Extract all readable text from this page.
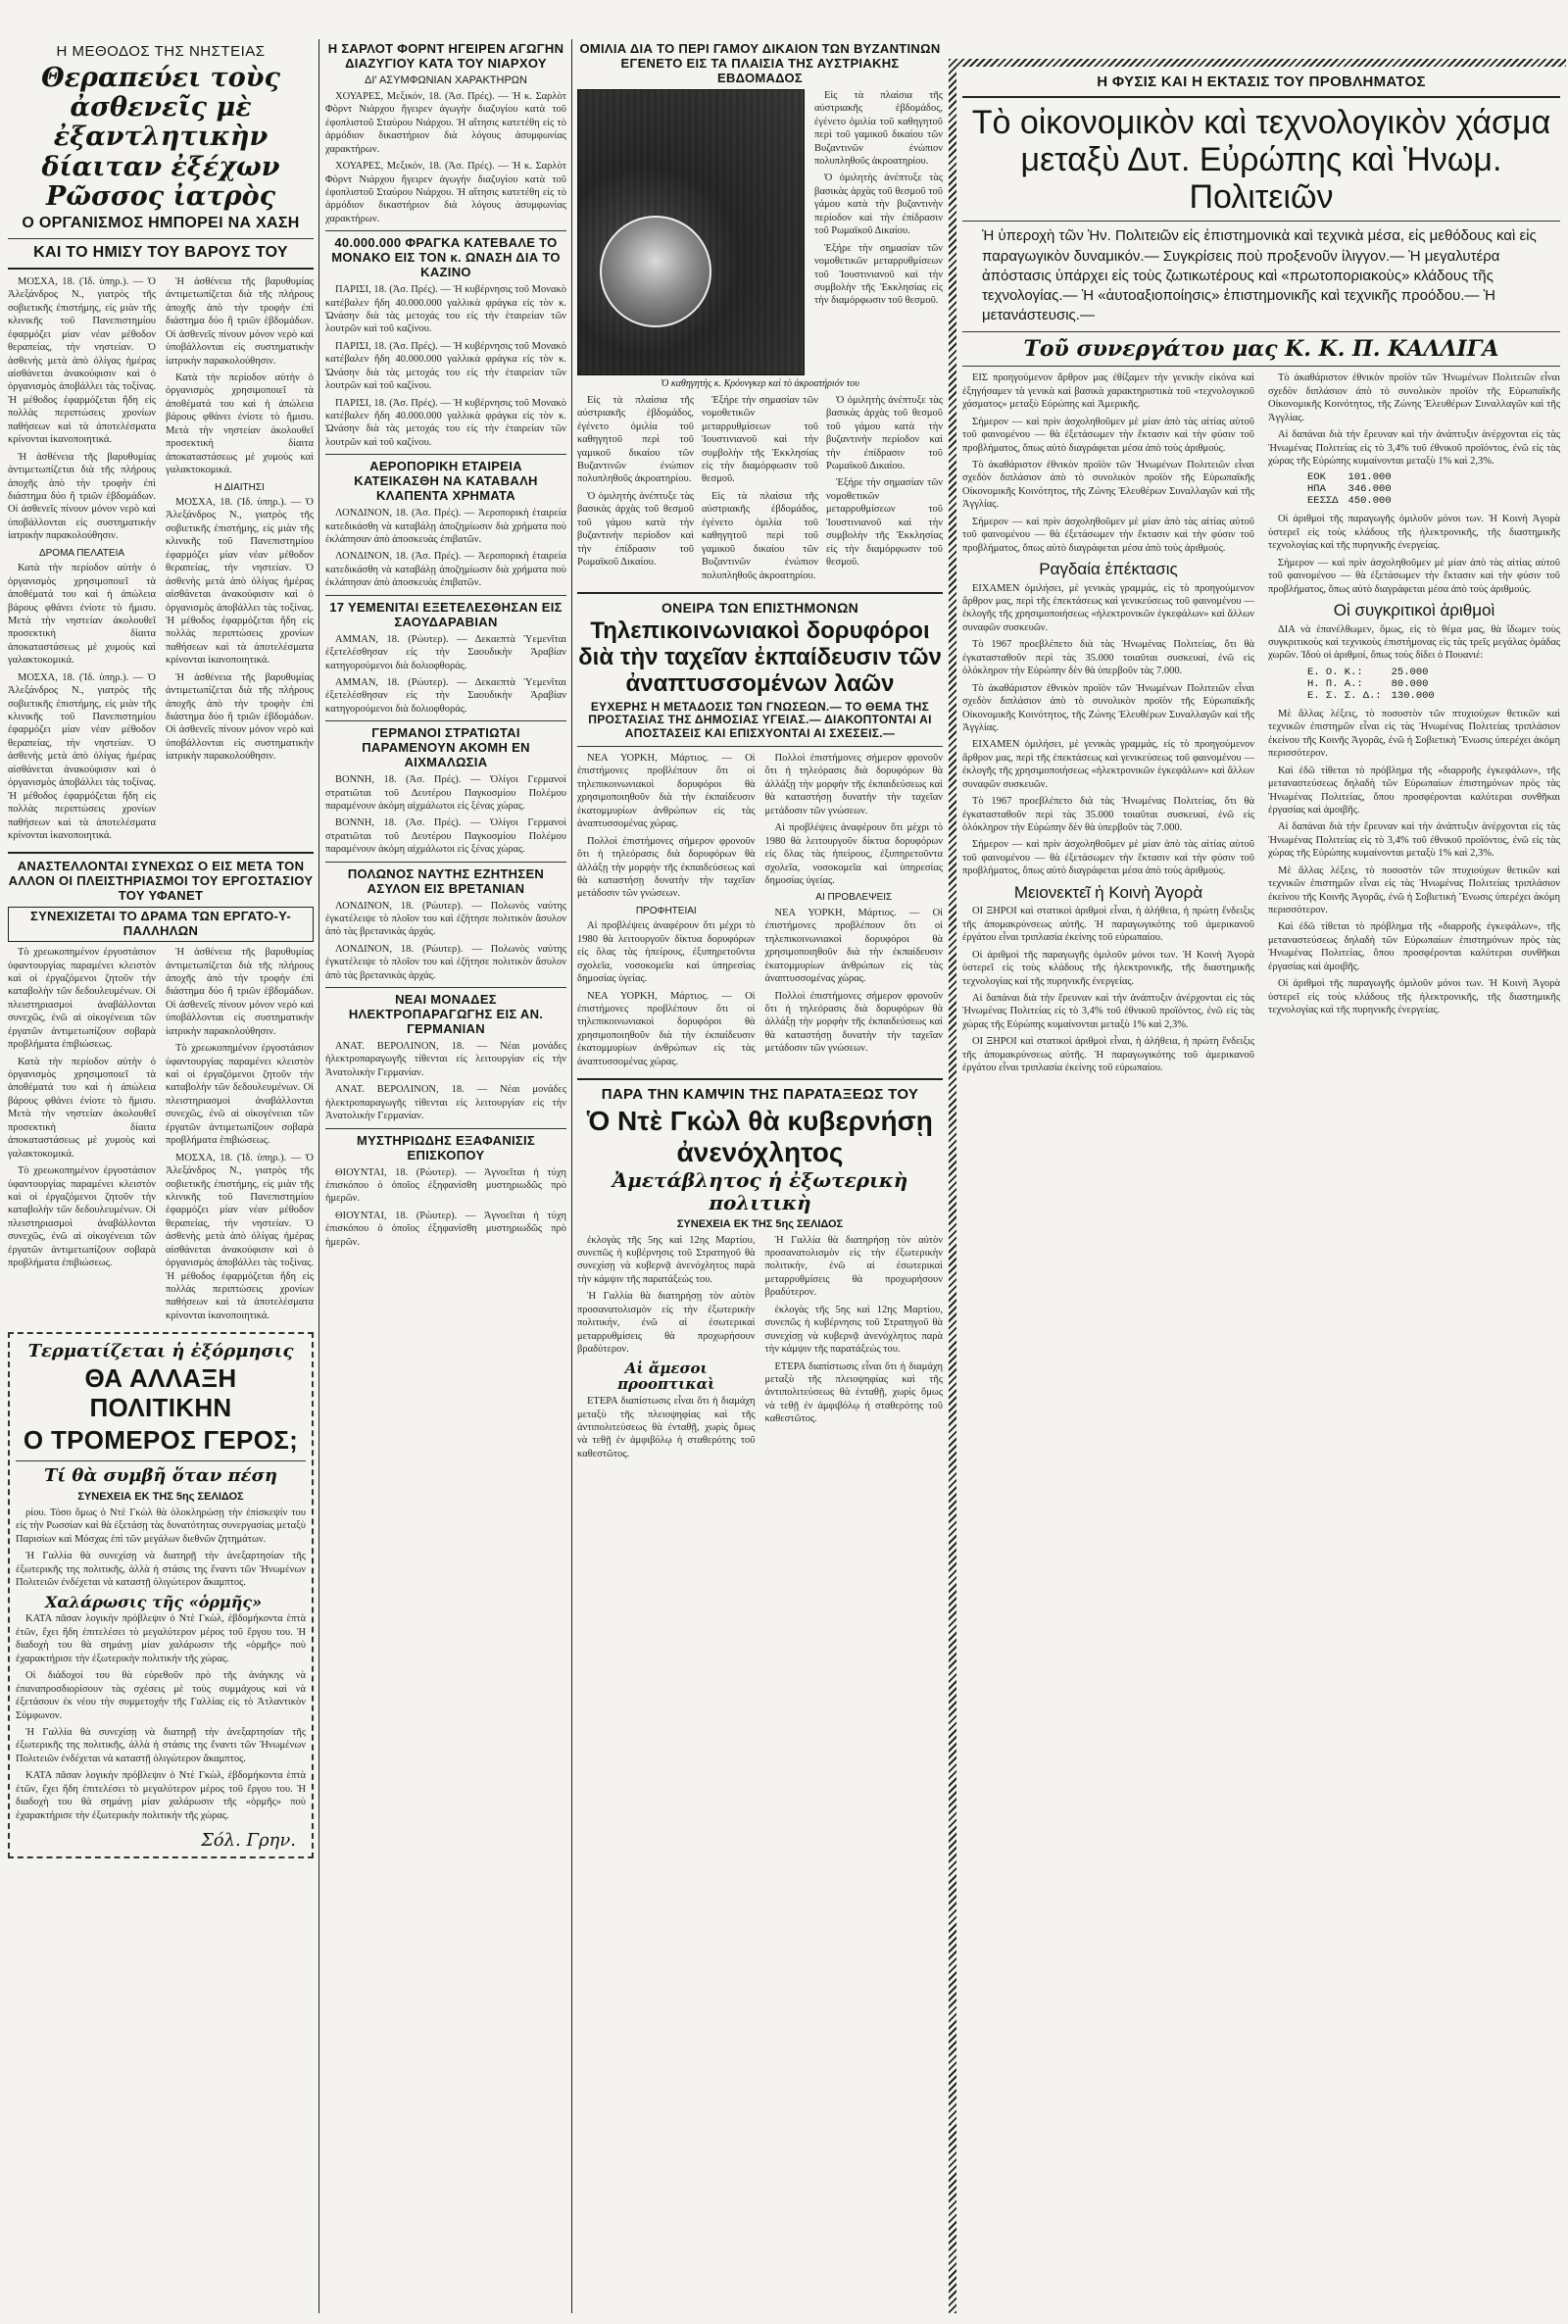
Η ΜΕΘΟΔΟΣ ΤΗΣ ΝΗΣΤΕΙΑΣ
Θεραπεύει τοὺς ἀσθενεῖς μὲ ἐξαντλητικὴν δίαιταν ἐξέχων Ρῶσσος ἰατρὸς
Ο ΟΡΓΑΝΙΣΜΟΣ ΗΜΠΟΡΕΙ ΝΑ ΧΑΣΗ
ΚΑΙ ΤΟ ΗΜΙΣΥ ΤΟΥ ΒΑΡΟΥΣ ΤΟΥ

ΜΟΣΧΑ, 18. (Ἰδ. ὑπηρ.). — Ὁ Ἀλεξάνδρος Ν., γιατρὸς τῆς σοβιετικῆς ἐπιστήμης, εἰς μιὰν τῆς κλινικῆς τοῦ Πανεπιστημίου ἐφαρμόζει μίαν νέαν μέθοδον θεραπείας, τὴν νηστείαν. Ὁ ἀσθενὴς μετὰ ἀπὸ ὀλίγας ἡμέρας αἰσθάνεται ἀνακούφισιν καὶ ὁ ὀργανισμὸς ἀποβάλλει τὰς τοξίνας. Ἡ μέθοδος ἐφαρμόζεται ἤδη εἰς πολλὰς περιπτώσεις χρονίων παθήσεων καὶ τὰ ἀποτελέσματα κρίνονται ἱκανοποιητικά.

Ἡ ἀσθένεια τῆς βαρυθυμίας ἀντιμετωπίζεται διὰ τῆς πλήρους ἀποχῆς ἀπὸ τὴν τροφὴν ἐπὶ διάστημα δύο ἢ τριῶν ἑβδομάδων. Οἱ ἀσθενεῖς πίνουν μόνον νερὸ καὶ ὑποβάλλονται εἰς συστηματικὴν ἰατρικὴν παρακολούθησιν.

ΔΡΟΜΑ ΠΕΛΑΤΕΙΑ

Κατὰ τὴν περίοδον αὐτὴν ὁ ὀργανισμὸς χρησιμοποιεῖ τὰ ἀποθέματά του καὶ ἡ ἀπώλεια βάρους φθάνει ἐνίοτε τὸ ἥμισυ. Μετὰ τὴν νηστείαν ἀκολουθεῖ προσεκτικὴ δίαιτα ἀποκαταστάσεως μὲ χυμοὺς καὶ γαλακτοκομικά.

ΜΟΣΧΑ, 18. (Ἰδ. ὑπηρ.). — Ὁ Ἀλεξάνδρος Ν., γιατρὸς τῆς σοβιετικῆς ἐπιστήμης, εἰς μιὰν τῆς κλινικῆς τοῦ Πανεπιστημίου ἐφαρμόζει μίαν νέαν μέθοδον θεραπείας, τὴν νηστείαν. Ὁ ἀσθενὴς μετὰ ἀπὸ ὀλίγας ἡμέρας αἰσθάνεται ἀνακούφισιν καὶ ὁ ὀργανισμὸς ἀποβάλλει τὰς τοξίνας. Ἡ μέθοδος ἐφαρμόζεται ἤδη εἰς πολλὰς περιπτώσεις χρονίων παθήσεων καὶ τὰ ἀποτελέσματα κρίνονται ἱκανοποιητικά.

Ἡ ἀσθένεια τῆς βαρυθυμίας ἀντιμετωπίζεται διὰ τῆς πλήρους ἀποχῆς ἀπὸ τὴν τροφὴν ἐπὶ διάστημα δύο ἢ τριῶν ἑβδομάδων. Οἱ ἀσθενεῖς πίνουν μόνον νερὸ καὶ ὑποβάλλονται εἰς συστηματικὴν ἰατρικὴν παρακολούθησιν.

Κατὰ τὴν περίοδον αὐτὴν ὁ ὀργανισμὸς χρησιμοποιεῖ τὰ ἀποθέματά του καὶ ἡ ἀπώλεια βάρους φθάνει ἐνίοτε τὸ ἥμισυ. Μετὰ τὴν νηστείαν ἀκολουθεῖ προσεκτικὴ δίαιτα ἀποκαταστάσεως μὲ χυμοὺς καὶ γαλακτοκομικά.

Η ΔΙΑΙΤΗΣΙ

ΜΟΣΧΑ, 18. (Ἰδ. ὑπηρ.). — Ὁ Ἀλεξάνδρος Ν., γιατρὸς τῆς σοβιετικῆς ἐπιστήμης, εἰς μιὰν τῆς κλινικῆς τοῦ Πανεπιστημίου ἐφαρμόζει μίαν νέαν μέθοδον θεραπείας, τὴν νηστείαν. Ὁ ἀσθενὴς μετὰ ἀπὸ ὀλίγας ἡμέρας αἰσθάνεται ἀνακούφισιν καὶ ὁ ὀργανισμὸς ἀποβάλλει τὰς τοξίνας. Ἡ μέθοδος ἐφαρμόζεται ἤδη εἰς πολλὰς περιπτώσεις χρονίων παθήσεων καὶ τὰ ἀποτελέσματα κρίνονται ἱκανοποιητικά.

Ἡ ἀσθένεια τῆς βαρυθυμίας ἀντιμετωπίζεται διὰ τῆς πλήρους ἀποχῆς ἀπὸ τὴν τροφὴν ἐπὶ διάστημα δύο ἢ τριῶν ἑβδομάδων. Οἱ ἀσθενεῖς πίνουν μόνον νερὸ καὶ ὑποβάλλονται εἰς συστηματικὴν ἰατρικὴν παρακολούθησιν.

ΑΝΑΣΤΕΛΛΟΝΤΑΙ ΣΥΝΕΧΩΣ Ο ΕΙΣ ΜΕΤΑ ΤΟΝ ΑΛΛΟΝ ΟΙ ΠΛΕΙΣΤΗΡΙΑΣΜΟΙ ΤΟΥ ΕΡΓΟΣΤΑΣΙΟΥ ΤΟΥ ΥΦΑΝΕΤ
ΣΥΝΕΧΙΖΕΤΑΙ ΤΟ ΔΡΑΜΑ ΤΩΝ ΕΡΓΑΤΟ-Υ-ΠΑΛΛΗΛΩΝ

Τὸ χρεωκοπημένον ἐργοστάσιον ὑφαντουργίας παραμένει κλειστὸν καὶ οἱ ἐργαζόμενοι ζητοῦν τὴν καταβολὴν τῶν δεδουλευμένων. Οἱ πλειστηριασμοὶ ἀναβάλλονται συνεχῶς, ἐνῶ αἱ οἰκογένειαι τῶν ἐργατῶν ἀντιμετωπίζουν σοβαρὰ προβλήματα ἐπιβιώσεως.

Κατὰ τὴν περίοδον αὐτὴν ὁ ὀργανισμὸς χρησιμοποιεῖ τὰ ἀποθέματά του καὶ ἡ ἀπώλεια βάρους φθάνει ἐνίοτε τὸ ἥμισυ. Μετὰ τὴν νηστείαν ἀκολουθεῖ προσεκτικὴ δίαιτα ἀποκαταστάσεως μὲ χυμοὺς καὶ γαλακτοκομικά.

Τὸ χρεωκοπημένον ἐργοστάσιον ὑφαντουργίας παραμένει κλειστὸν καὶ οἱ ἐργαζόμενοι ζητοῦν τὴν καταβολὴν τῶν δεδουλευμένων. Οἱ πλειστηριασμοὶ ἀναβάλλονται συνεχῶς, ἐνῶ αἱ οἰκογένειαι τῶν ἐργατῶν ἀντιμετωπίζουν σοβαρὰ προβλήματα ἐπιβιώσεως.

Ἡ ἀσθένεια τῆς βαρυθυμίας ἀντιμετωπίζεται διὰ τῆς πλήρους ἀποχῆς ἀπὸ τὴν τροφὴν ἐπὶ διάστημα δύο ἢ τριῶν ἑβδομάδων. Οἱ ἀσθενεῖς πίνουν μόνον νερὸ καὶ ὑποβάλλονται εἰς συστηματικὴν ἰατρικὴν παρακολούθησιν.

Τὸ χρεωκοπημένον ἐργοστάσιον ὑφαντουργίας παραμένει κλειστὸν καὶ οἱ ἐργαζόμενοι ζητοῦν τὴν καταβολὴν τῶν δεδουλευμένων. Οἱ πλειστηριασμοὶ ἀναβάλλονται συνεχῶς, ἐνῶ αἱ οἰκογένειαι τῶν ἐργατῶν ἀντιμετωπίζουν σοβαρὰ προβλήματα ἐπιβιώσεως.

ΜΟΣΧΑ, 18. (Ἰδ. ὑπηρ.). — Ὁ Ἀλεξάνδρος Ν., γιατρὸς τῆς σοβιετικῆς ἐπιστήμης, εἰς μιὰν τῆς κλινικῆς τοῦ Πανεπιστημίου ἐφαρμόζει μίαν νέαν μέθοδον θεραπείας, τὴν νηστείαν. Ὁ ἀσθενὴς μετὰ ἀπὸ ὀλίγας ἡμέρας αἰσθάνεται ἀνακούφισιν καὶ ὁ ὀργανισμὸς ἀποβάλλει τὰς τοξίνας. Ἡ μέθοδος ἐφαρμόζεται ἤδη εἰς πολλὰς περιπτώσεις χρονίων παθήσεων καὶ τὰ ἀποτελέσματα κρίνονται ἱκανοποιητικά.

Τερματίζεται ἡ ἐξόρμησις
ΘΑ ΑΛΛΑΞΗ ΠΟΛΙΤΙΚΗΝ
Ο ΤΡΟΜΕΡΟΣ ΓΕΡΟΣ;
Τί θὰ συμβῆ ὅταν πέση
ΣΥΝΕΧΕΙΑ ΕΚ ΤΗΣ 5ης ΣΕΛΙΔΟΣ

ρίου. Τόσο ὅμως ὁ Ντὲ Γκὼλ θὰ ὁλοκληρώσῃ τὴν ἐπίσκεψίν του εἰς τὴν Ρωσσίαν καὶ θὰ ἐξετάσῃ τὰς δυνατότητας συνεργασίας μεταξὺ Παρισίων καὶ Μόσχας ἐπὶ τῶν μεγάλων διεθνῶν ζητημάτων.

Ἡ Γαλλία θὰ συνεχίσῃ νὰ διατηρῇ τὴν ἀνεξαρτησίαν τῆς ἐξωτερικῆς της πολιτικῆς, ἀλλὰ ἡ στάσις της ἔναντι τῶν Ἡνωμένων Πολιτειῶν ἐνδέχεται νὰ καταστῇ ὀλιγώτερον ἄκαμπτος.

Χαλάρωσις τῆς «ὁρμῆς»

ΚΑΤΑ πᾶσαν λογικὴν πρόβλεψιν ὁ Ντὲ Γκὼλ, ἑβδομήκοντα ἑπτὰ ἐτῶν, ἔχει ἤδη ἐπιτελέσει τὸ μεγαλύτερον μέρος τοῦ ἔργου του. Ἡ διαδοχὴ του θὰ σημάνῃ μίαν χαλάρωσιν τῆς «ὁρμῆς» ποὺ ἐχαρακτήρισε τὴν ἐξωτερικὴν πολιτικήν τῆς χώρας.

Οἱ διάδοχοί του θὰ εὑρεθοῦν πρὸ τῆς ἀνάγκης νὰ ἐπαναπροσδιορίσουν τὰς σχέσεις μὲ τοὺς συμμάχους καὶ νὰ ἐξετάσουν ἐκ νέου τὴν συμμετοχὴν τῆς Γαλλίας εἰς τὸ Ἀτλαντικὸν Σύμφωνον.

Ἡ Γαλλία θὰ συνεχίσῃ νὰ διατηρῇ τὴν ἀνεξαρτησίαν τῆς ἐξωτερικῆς της πολιτικῆς, ἀλλὰ ἡ στάσις της ἔναντι τῶν Ἡνωμένων Πολιτειῶν ἐνδέχεται νὰ καταστῇ ὀλιγώτερον ἄκαμπτος.

ΚΑΤΑ πᾶσαν λογικὴν πρόβλεψιν ὁ Ντὲ Γκὼλ, ἑβδομήκοντα ἑπτὰ ἐτῶν, ἔχει ἤδη ἐπιτελέσει τὸ μεγαλύτερον μέρος τοῦ ἔργου του. Ἡ διαδοχὴ του θὰ σημάνῃ μίαν χαλάρωσιν τῆς «ὁρμῆς» ποὺ ἐχαρακτήρισε τὴν ἐξωτερικὴν πολιτικήν τῆς χώρας.

Σόλ. Γρην.
Η ΣΑΡΛΟΤ ΦΟΡΝΤ ΗΓΕΙΡΕΝ ΑΓΩΓΗΝ ΔΙΑΖΥΓΙΟΥ ΚΑΤΑ ΤΟΥ ΝΙΑΡΧΟΥ
ΔΙ' ΑΣΥΜΦΩΝΙΑΝ ΧΑΡΑΚΤΗΡΩΝ

ΧΟΥΑΡΕΣ, Μεξικόν, 18. (Ἀσ. Πρές). — Ἡ κ. Σαρλὸτ Φὸρντ Νιάρχου ἤγειρεν ἀγωγὴν διαζυγίου κατὰ τοῦ ἐφοπλιστοῦ Σταύρου Νιάρχου. Ἡ αἴτησις κατετέθη εἰς τὸ ἁρμόδιον δικαστήριον διὰ λόγους ἀσυμφωνίας χαρακτήρων.

ΧΟΥΑΡΕΣ, Μεξικόν, 18. (Ἀσ. Πρές). — Ἡ κ. Σαρλὸτ Φὸρντ Νιάρχου ἤγειρεν ἀγωγὴν διαζυγίου κατὰ τοῦ ἐφοπλιστοῦ Σταύρου Νιάρχου. Ἡ αἴτησις κατετέθη εἰς τὸ ἁρμόδιον δικαστήριον διὰ λόγους ἀσυμφωνίας χαρακτήρων.

40.000.000 ΦΡΑΓΚΑ ΚΑΤΕΒΑΛΕ ΤΟ ΜΟΝΑΚΟ ΕΙΣ ΤΟΝ κ. ΩΝΑΣΗ ΔΙΑ ΤΟ ΚΑΖΙΝΟ

ΠΑΡΙΣΙ, 18. (Ἀσ. Πρές). — Ἡ κυβέρνησις τοῦ Μονακὸ κατέβαλεν ἤδη 40.000.000 γαλλικὰ φράγκα εἰς τὸν κ. Ὠνάσην διὰ τὰς μετοχάς του εἰς τὴν ἑταιρείαν τῶν λουτρῶν καὶ τοῦ καζίνου.

ΠΑΡΙΣΙ, 18. (Ἀσ. Πρές). — Ἡ κυβέρνησις τοῦ Μονακὸ κατέβαλεν ἤδη 40.000.000 γαλλικὰ φράγκα εἰς τὸν κ. Ὠνάσην διὰ τὰς μετοχάς του εἰς τὴν ἑταιρείαν τῶν λουτρῶν καὶ τοῦ καζίνου.

ΠΑΡΙΣΙ, 18. (Ἀσ. Πρές). — Ἡ κυβέρνησις τοῦ Μονακὸ κατέβαλεν ἤδη 40.000.000 γαλλικὰ φράγκα εἰς τὸν κ. Ὠνάσην διὰ τὰς μετοχάς του εἰς τὴν ἑταιρείαν τῶν λουτρῶν καὶ τοῦ καζίνου.

ΑΕΡΟΠΟΡΙΚΗ ΕΤΑΙΡΕΙΑ ΚΑΤΕΙΚΑΣΘΗ ΝΑ ΚΑΤΑΒΑΛΗ ΚΛΑΠΕΝΤΑ ΧΡΗΜΑΤΑ

ΛΟΝΔΙΝΟΝ, 18. (Ἀσ. Πρές). — Ἀεροπορικὴ ἑταιρεία κατεδικάσθη νὰ καταβάλῃ ἀποζημίωσιν διὰ χρήματα ποὺ ἐκλάπησαν ἀπὸ ἀποσκευὰς ἐπιβατῶν.

ΛΟΝΔΙΝΟΝ, 18. (Ἀσ. Πρές). — Ἀεροπορικὴ ἑταιρεία κατεδικάσθη νὰ καταβάλῃ ἀποζημίωσιν διὰ χρήματα ποὺ ἐκλάπησαν ἀπὸ ἀποσκευὰς ἐπιβατῶν.

17 ΥΕΜΕΝΙΤΑΙ ΕΞΕΤΕΛΕΣΘΗΣΑΝ ΕΙΣ ΣΑΟΥΔΑΡΑΒΙΑΝ

ΑΜΜΑΝ, 18. (Ρώυτερ). — Δεκαεπτὰ Ὑεμενῖται ἐξετελέσθησαν εἰς τὴν Σαουδικὴν Ἀραβίαν κατηγορούμενοι διὰ δολιοφθοράς.

ΑΜΜΑΝ, 18. (Ρώυτερ). — Δεκαεπτὰ Ὑεμενῖται ἐξετελέσθησαν εἰς τὴν Σαουδικὴν Ἀραβίαν κατηγορούμενοι διὰ δολιοφθοράς.

ΓΕΡΜΑΝΟΙ ΣΤΡΑΤΙΩΤΑΙ ΠΑΡΑΜΕΝΟΥΝ ΑΚΟΜΗ ΕΝ ΑΙΧΜΑΛΩΣΙΑ

ΒΟΝΝΗ, 18. (Ἀσ. Πρές). — Ὀλίγοι Γερμανοὶ στρατιῶται τοῦ Δευτέρου Παγκοσμίου Πολέμου παραμένουν ἀκόμη αἰχμάλωτοι εἰς ξένας χώρας.

ΒΟΝΝΗ, 18. (Ἀσ. Πρές). — Ὀλίγοι Γερμανοὶ στρατιῶται τοῦ Δευτέρου Παγκοσμίου Πολέμου παραμένουν ἀκόμη αἰχμάλωτοι εἰς ξένας χώρας.

ΠΟΛΩΝΟΣ ΝΑΥΤΗΣ ΕΖΗΤΗΣΕΝ ΑΣΥΛΟΝ ΕΙΣ ΒΡΕΤΑΝΙΑΝ

ΛΟΝΔΙΝΟΝ, 18. (Ρώυτερ). — Πολωνὸς ναύτης ἐγκατέλειψε τὸ πλοῖον του καὶ ἐζήτησε πολιτικὸν ἄσυλον ἀπὸ τὰς βρετανικὰς ἀρχάς.

ΛΟΝΔΙΝΟΝ, 18. (Ρώυτερ). — Πολωνὸς ναύτης ἐγκατέλειψε τὸ πλοῖον του καὶ ἐζήτησε πολιτικὸν ἄσυλον ἀπὸ τὰς βρετανικὰς ἀρχάς.

ΝΕΑΙ ΜΟΝΑΔΕΣ ΗΛΕΚΤΡΟΠΑΡΑΓΩΓΗΣ ΕΙΣ ΑΝ. ΓΕΡΜΑΝΙΑΝ

ΑΝΑΤ. ΒΕΡΟΛΙΝΟΝ, 18. — Νέαι μονάδες ἠλεκτροπαραγωγῆς τίθενται εἰς λειτουργίαν εἰς τὴν Ἀνατολικὴν Γερμανίαν.

ΑΝΑΤ. ΒΕΡΟΛΙΝΟΝ, 18. — Νέαι μονάδες ἠλεκτροπαραγωγῆς τίθενται εἰς λειτουργίαν εἰς τὴν Ἀνατολικὴν Γερμανίαν.

ΜΥΣΤΗΡΙΩΔΗΣ ΕΞΑΦΑΝΙΣΙΣ ΕΠΙΣΚΟΠΟΥ

ΘΙΟΥΝΤΑΙ, 18. (Ρώυτερ). — Ἀγνοεῖται ἡ τύχη ἐπισκόπου ὁ ὁποῖος ἐξηφανίσθη μυστηριωδῶς πρὸ ἡμερῶν.

ΘΙΟΥΝΤΑΙ, 18. (Ρώυτερ). — Ἀγνοεῖται ἡ τύχη ἐπισκόπου ὁ ὁποῖος ἐξηφανίσθη μυστηριωδῶς πρὸ ἡμερῶν.

ΟΜΙΛΙΑ ΔΙΑ ΤΟ ΠΕΡΙ ΓΑΜΟΥ ΔΙΚΑΙΟΝ ΤΩΝ ΒΥΖΑΝΤΙΝΩΝ ΕΓΕΝΕΤΟ ΕΙΣ ΤΑ ΠΛΑΙΣΙΑ ΤΗΣ ΑΥΣΤΡΙΑΚΗΣ ΕΒΔΟΜΑΔΟΣ

Εἰς τὰ πλαίσια τῆς αὐστριακῆς ἑβδομάδος, ἐγένετο ὁμιλία τοῦ καθηγητοῦ περὶ τοῦ γαμικοῦ δικαίου τῶν Βυζαντινῶν ἐνώπιον πολυπληθοῦς ἀκροατηρίου.

Ὁ ὁμιλητὴς ἀνέπτυξε τὰς βασικὰς ἀρχὰς τοῦ θεσμοῦ τοῦ γάμου κατὰ τὴν βυζαντινὴν περίοδον καὶ τὴν ἐπίδρασιν τοῦ Ρωμαϊκοῦ Δικαίου.

Ἐξήρε τὴν σημασίαν τῶν νομοθετικῶν μεταρρυθμίσεων τοῦ Ἰουστινιανοῦ καὶ τὴν συμβολὴν τῆς Ἐκκλησίας εἰς τὴν διαμόρφωσιν τοῦ θεσμοῦ.

Ὁ καθηγητὴς κ. Κρόυνγκερ καὶ τὸ ἀκροατήριόν του

Εἰς τὰ πλαίσια τῆς αὐστριακῆς ἑβδομάδος, ἐγένετο ὁμιλία τοῦ καθηγητοῦ περὶ τοῦ γαμικοῦ δικαίου τῶν Βυζαντινῶν ἐνώπιον πολυπληθοῦς ἀκροατηρίου.

Ὁ ὁμιλητὴς ἀνέπτυξε τὰς βασικὰς ἀρχὰς τοῦ θεσμοῦ τοῦ γάμου κατὰ τὴν βυζαντινὴν περίοδον καὶ τὴν ἐπίδρασιν τοῦ Ρωμαϊκοῦ Δικαίου.

Ἐξήρε τὴν σημασίαν τῶν νομοθετικῶν μεταρρυθμίσεων τοῦ Ἰουστινιανοῦ καὶ τὴν συμβολὴν τῆς Ἐκκλησίας εἰς τὴν διαμόρφωσιν τοῦ θεσμοῦ.

Εἰς τὰ πλαίσια τῆς αὐστριακῆς ἑβδομάδος, ἐγένετο ὁμιλία τοῦ καθηγητοῦ περὶ τοῦ γαμικοῦ δικαίου τῶν Βυζαντινῶν ἐνώπιον πολυπληθοῦς ἀκροατηρίου.

Ὁ ὁμιλητὴς ἀνέπτυξε τὰς βασικὰς ἀρχὰς τοῦ θεσμοῦ τοῦ γάμου κατὰ τὴν βυζαντινὴν περίοδον καὶ τὴν ἐπίδρασιν τοῦ Ρωμαϊκοῦ Δικαίου.

Ἐξήρε τὴν σημασίαν τῶν νομοθετικῶν μεταρρυθμίσεων τοῦ Ἰουστινιανοῦ καὶ τὴν συμβολὴν τῆς Ἐκκλησίας εἰς τὴν διαμόρφωσιν τοῦ θεσμοῦ.

ΟΝΕΙΡΑ ΤΩΝ ΕΠΙΣΤΗΜΟΝΩΝ
Τηλεπικοινωνιακοὶ δορυφόροι διὰ τὴν ταχεῖαν ἐκπαίδευσιν τῶν ἀναπτυσσομένων λαῶν
ΕΥΧΕΡΗΣ Η ΜΕΤΑΔΟΣΙΣ ΤΩΝ ΓΝΩΣΕΩΝ.— ΤΟ ΘΕΜΑ ΤΗΣ ΠΡΟΣΤΑΣΙΑΣ ΤΗΣ ΔΗΜΟΣΙΑΣ ΥΓΕΙΑΣ.— ΔΙΑΚΟΠΤΟΝΤΑΙ ΑΙ ΑΠΟΣΤΑΣΕΙΣ ΚΑΙ ΕΠΙΣΧΥΟΝΤΑΙ ΑΙ ΣΧΕΣΕΙΣ.—

ΝΕΑ ΥΟΡΚΗ, Μάρτιος. — Οἱ ἐπιστήμονες προβλέπουν ὅτι οἱ τηλεπικοινωνιακοὶ δορυφόροι θὰ χρησιμοποιηθοῦν διὰ τὴν ἐκπαίδευσιν ἑκατομμυρίων ἀνθρώπων εἰς τὰς ἀναπτυσσομένας χώρας.

Πολλοὶ ἐπιστήμονες σήμερον φρονοῦν ὅτι ἡ τηλεόρασις διὰ δορυφόρων θὰ ἀλλάξῃ τὴν μορφὴν τῆς ἐκπαιδεύσεως καὶ θὰ καταστήσῃ δυνατὴν τὴν ταχεῖαν μετάδοσιν τῶν γνώσεων.

ΠΡΟΦΗΤΕΙΑΙ

Αἱ προβλέψεις ἀναφέρουν ὅτι μέχρι τὸ 1980 θὰ λειτουργοῦν δίκτυα δορυφόρων εἰς ὅλας τὰς ἠπείρους, ἐξυπηρετοῦντα σχολεῖα, νοσοκομεῖα καὶ ὑπηρεσίας δημοσίας ὑγείας.

ΝΕΑ ΥΟΡΚΗ, Μάρτιος. — Οἱ ἐπιστήμονες προβλέπουν ὅτι οἱ τηλεπικοινωνιακοὶ δορυφόροι θὰ χρησιμοποιηθοῦν διὰ τὴν ἐκπαίδευσιν ἑκατομμυρίων ἀνθρώπων εἰς τὰς ἀναπτυσσομένας χώρας.

Πολλοὶ ἐπιστήμονες σήμερον φρονοῦν ὅτι ἡ τηλεόρασις διὰ δορυφόρων θὰ ἀλλάξῃ τὴν μορφὴν τῆς ἐκπαιδεύσεως καὶ θὰ καταστήσῃ δυνατὴν τὴν ταχεῖαν μετάδοσιν τῶν γνώσεων.

Αἱ προβλέψεις ἀναφέρουν ὅτι μέχρι τὸ 1980 θὰ λειτουργοῦν δίκτυα δορυφόρων εἰς ὅλας τὰς ἠπείρους, ἐξυπηρετοῦντα σχολεῖα, νοσοκομεῖα καὶ ὑπηρεσίας δημοσίας ὑγείας.

ΑΙ ΠΡΟΒΛΕΨΕΙΣ

ΝΕΑ ΥΟΡΚΗ, Μάρτιος. — Οἱ ἐπιστήμονες προβλέπουν ὅτι οἱ τηλεπικοινωνιακοὶ δορυφόροι θὰ χρησιμοποιηθοῦν διὰ τὴν ἐκπαίδευσιν ἑκατομμυρίων ἀνθρώπων εἰς τὰς ἀναπτυσσομένας χώρας.

Πολλοὶ ἐπιστήμονες σήμερον φρονοῦν ὅτι ἡ τηλεόρασις διὰ δορυφόρων θὰ ἀλλάξῃ τὴν μορφὴν τῆς ἐκπαιδεύσεως καὶ θὰ καταστήσῃ δυνατὴν τὴν ταχεῖαν μετάδοσιν τῶν γνώσεων.

ΠΑΡΑ ΤΗΝ ΚΑΜΨΙΝ ΤΗΣ ΠΑΡΑΤΑΞΕΩΣ ΤΟΥ
Ὁ Ντὲ Γκὼλ θὰ κυβερνήσῃ ἀνενόχλητος
Ἀμετάβλητος ἡ ἐξωτερικὴ πολιτικὴ
ΣΥΝΕΧΕΙΑ ΕΚ ΤΗΣ 5ης ΣΕΛΙΔΟΣ

ἐκλογὰς τῆς 5ης καὶ 12ης Μαρτίου, συνεπῶς ἡ κυβέρνησις τοῦ Στρατηγοῦ θὰ συνεχίσῃ νὰ κυβερνᾷ ἀνενόχλητος παρὰ τὴν κάμψιν τῆς παρατάξεώς του.

Ἡ Γαλλία θὰ διατηρήσῃ τὸν αὐτὸν προσανατολισμὸν εἰς τὴν ἐξωτερικὴν πολιτικήν, ἐνῶ αἱ ἐσωτερικαὶ μεταρρυθμίσεις θὰ προχωρήσουν βραδύτερον.

Αἱ ἄμεσοι προοπτικαὶ

ΕΤΕΡΑ διαπίστωσις εἶναι ὅτι ἡ διαμάχη μεταξὺ τῆς πλειοψηφίας καὶ τῆς ἀντιπολιτεύσεως θὰ ἐνταθῇ, χωρὶς ὅμως νὰ τεθῇ ἐν ἀμφιβόλῳ ἡ σταθερότης τοῦ καθεστῶτος.

Ἡ Γαλλία θὰ διατηρήσῃ τὸν αὐτὸν προσανατολισμὸν εἰς τὴν ἐξωτερικὴν πολιτικήν, ἐνῶ αἱ ἐσωτερικαὶ μεταρρυθμίσεις θὰ προχωρήσουν βραδύτερον.

ἐκλογὰς τῆς 5ης καὶ 12ης Μαρτίου, συνεπῶς ἡ κυβέρνησις τοῦ Στρατηγοῦ θὰ συνεχίσῃ νὰ κυβερνᾷ ἀνενόχλητος παρὰ τὴν κάμψιν τῆς παρατάξεώς του.

ΕΤΕΡΑ διαπίστωσις εἶναι ὅτι ἡ διαμάχη μεταξὺ τῆς πλειοψηφίας καὶ τῆς ἀντιπολιτεύσεως θὰ ἐνταθῇ, χωρὶς ὅμως νὰ τεθῇ ἐν ἀμφιβόλῳ ἡ σταθερότης τοῦ καθεστῶτος.

Η ΦΥΣΙΣ ΚΑΙ Η ΕΚΤΑΣΙΣ ΤΟΥ ΠΡΟΒΛΗΜΑΤΟΣ
Τὸ οἰκονομικὸν καὶ τεχνολογικὸν χάσμα μεταξὺ Δυτ. Εὐρώπης καὶ Ἡνωμ. Πολιτειῶν
Ἡ ὑπεροχὴ τῶν Ἡν. Πολιτειῶν εἰς ἐπιστημονικὰ καὶ τεχνικὰ μέσα, εἰς μεθόδους καὶ εἰς παραγωγικὸν δυναμικόν.— Συγκρίσεις ποὺ προξενοῦν ἰλιγγον.— Ἡ μεγαλυτέρα ἀπόστασις ὑπάρχει εἰς τοὺς ζωτικωτέρους καὶ «πρωτοποριακοὺς» κλάδους τῆς τεχνολογίας.— Ἡ «ἀυτοαξιοποίησις» ἐπιστημονικῆς καὶ τεχνικῆς προόδου.— Ἡ μετανάστευσις.—
Τοῦ συνεργάτου μας Κ. Κ. Π. ΚΑΛΛΙΓΑ

ΕΙΣ προηγούμενον ἄρθρον μας ἐθίξαμεν τὴν γενικὴν εἰκόνα καὶ ἐξηγήσαμεν τὰ γενικὰ καὶ βασικὰ χαρακτηριστικὰ τοῦ «τεχνολογικοῦ χάσματος» μεταξὺ Εὐρώπης καὶ Ἀμερικῆς.

Σήμερον — καὶ πρὶν ἀσχοληθοῦμεν μὲ μίαν ἀπὸ τὰς αἰτίας αὐτοῦ τοῦ φαινομένου — θὰ ἐξετάσωμεν τὴν ἔκτασιν καὶ τὴν φύσιν τοῦ προβλήματος, ὅπως αὐτὸ διαγράφεται μέσα ἀπὸ τοὺς ἀριθμούς.

Τὸ ἀκαθάριστον ἐθνικὸν προϊὸν τῶν Ἡνωμένων Πολιτειῶν εἶναι σχεδὸν διπλάσιον ἀπὸ τὸ συνολικὸν προϊὸν τῆς Εὐρωπαϊκῆς Οἰκονομικῆς Κοινότητος, τῆς Ζώνης Ἐλευθέρων Συναλλαγῶν καὶ τῆς Ἀγγλίας.

Σήμερον — καὶ πρὶν ἀσχοληθοῦμεν μὲ μίαν ἀπὸ τὰς αἰτίας αὐτοῦ τοῦ φαινομένου — θὰ ἐξετάσωμεν τὴν ἔκτασιν καὶ τὴν φύσιν τοῦ προβλήματος, ὅπως αὐτὸ διαγράφεται μέσα ἀπὸ τοὺς ἀριθμούς.

Ραγδαία ἐπέκτασις

ΕΙΧΑΜΕΝ ὁμιλήσει, μὲ γενικὰς γραμμάς, εἰς τὸ προηγούμενον ἄρθρον μας, περὶ τῆς ἐπεκτάσεως καὶ γενικεύσεως τοῦ φαινομένου — ἐκλογῆς τῆς χρησιμοποιήσεως «ἠλεκτρονικῶν ἐγκεφάλων» καὶ ἄλλων συναφῶν συσκευῶν.

Τὸ 1967 προεβλέπετο διὰ τὰς Ἡνωμένας Πολιτείας, ὅτι θὰ ἐγκατασταθοῦν περὶ τὰς 35.000 τοιαῦται συσκευαί, ἐνῶ εἰς ὁλόκληρον τὴν Εὐρώπην δὲν θὰ ὑπερβοῦν τὰς 7.000.

Τὸ ἀκαθάριστον ἐθνικὸν προϊὸν τῶν Ἡνωμένων Πολιτειῶν εἶναι σχεδὸν διπλάσιον ἀπὸ τὸ συνολικὸν προϊὸν τῆς Εὐρωπαϊκῆς Οἰκονομικῆς Κοινότητος, τῆς Ζώνης Ἐλευθέρων Συναλλαγῶν καὶ τῆς Ἀγγλίας.

ΕΙΧΑΜΕΝ ὁμιλήσει, μὲ γενικὰς γραμμάς, εἰς τὸ προηγούμενον ἄρθρον μας, περὶ τῆς ἐπεκτάσεως καὶ γενικεύσεως τοῦ φαινομένου — ἐκλογῆς τῆς χρησιμοποιήσεως «ἠλεκτρονικῶν ἐγκεφάλων» καὶ ἄλλων συναφῶν συσκευῶν.

Τὸ 1967 προεβλέπετο διὰ τὰς Ἡνωμένας Πολιτείας, ὅτι θὰ ἐγκατασταθοῦν περὶ τὰς 35.000 τοιαῦται συσκευαί, ἐνῶ εἰς ὁλόκληρον τὴν Εὐρώπην δὲν θὰ ὑπερβοῦν τὰς 7.000.

Σήμερον — καὶ πρὶν ἀσχοληθοῦμεν μὲ μίαν ἀπὸ τὰς αἰτίας αὐτοῦ τοῦ φαινομένου — θὰ ἐξετάσωμεν τὴν ἔκτασιν καὶ τὴν φύσιν τοῦ προβλήματος, ὅπως αὐτὸ διαγράφεται μέσα ἀπὸ τοὺς ἀριθμούς.

Μειονεκτεῖ ἡ Κοινὴ Ἀγορὰ

ΟΙ ΞΗΡΟΙ καὶ στατικοὶ ἀριθμοὶ εἶναι, ἡ ἀλήθεια, ἡ πρώτη ἔνδειξις τῆς ἀπομακρύνσεως αὐτῆς. Ἡ παραγωγικότης τοῦ ἀμερικανοῦ ἐργάτου εἶναι τριπλασία ἐκείνης τοῦ εὐρωπαίου.

Οἱ ἀριθμοὶ τῆς παραγωγῆς ὁμιλοῦν μόνοι των. Ἡ Κοινὴ Ἀγορὰ ὑστερεῖ εἰς τοὺς κλάδους τῆς ἠλεκτρονικῆς, τῆς διαστημικῆς τεχνολογίας καὶ τῆς πυρηνικῆς ἐνεργείας.

Αἱ δαπάναι διὰ τὴν ἔρευναν καὶ τὴν ἀνάπτυξιν ἀνέρχονται εἰς τὰς Ἡνωμένας Πολιτείας εἰς τὸ 3,4% τοῦ ἐθνικοῦ προϊόντος, ἐνῶ εἰς τὰς χώρας τῆς Εὐρώπης κυμαίνονται μεταξὺ 1% καὶ 2,3%.

ΟΙ ΞΗΡΟΙ καὶ στατικοὶ ἀριθμοὶ εἶναι, ἡ ἀλήθεια, ἡ πρώτη ἔνδειξις τῆς ἀπομακρύνσεως αὐτῆς. Ἡ παραγωγικότης τοῦ ἀμερικανοῦ ἐργάτου εἶναι τριπλασία ἐκείνης τοῦ εὐρωπαίου.

Τὸ ἀκαθάριστον ἐθνικὸν προϊὸν τῶν Ἡνωμένων Πολιτειῶν εἶναι σχεδὸν διπλάσιον ἀπὸ τὸ συνολικὸν προϊὸν τῆς Εὐρωπαϊκῆς Οἰκονομικῆς Κοινότητος, τῆς Ζώνης Ἐλευθέρων Συναλλαγῶν καὶ τῆς Ἀγγλίας.

Αἱ δαπάναι διὰ τὴν ἔρευναν καὶ τὴν ἀνάπτυξιν ἀνέρχονται εἰς τὰς Ἡνωμένας Πολιτείας εἰς τὸ 3,4% τοῦ ἐθνικοῦ προϊόντος, ἐνῶ εἰς τὰς χώρας τῆς Εὐρώπης κυμαίνονται μεταξὺ 1% καὶ 2,3%.

ΕΟΚ	101.000
ΗΠΑ	346.000
ΕΕΣΣΔ	450.000

Οἱ ἀριθμοὶ τῆς παραγωγῆς ὁμιλοῦν μόνοι των. Ἡ Κοινὴ Ἀγορὰ ὑστερεῖ εἰς τοὺς κλάδους τῆς ἠλεκτρονικῆς, τῆς διαστημικῆς τεχνολογίας καὶ τῆς πυρηνικῆς ἐνεργείας.

Σήμερον — καὶ πρὶν ἀσχοληθοῦμεν μὲ μίαν ἀπὸ τὰς αἰτίας αὐτοῦ τοῦ φαινομένου — θὰ ἐξετάσωμεν τὴν ἔκτασιν καὶ τὴν φύσιν τοῦ προβλήματος, ὅπως αὐτὸ διαγράφεται μέσα ἀπὸ τοὺς ἀριθμούς.

Οἱ συγκριτικοὶ ἀριθμοὶ

ΔΙΑ νὰ ἐπανέλθωμεν, ὅμως, εἰς τὸ θέμα μας, θὰ ἴδωμεν τοὺς συγκριτικοὺς καὶ τεχνικοὺς ἐπιστήμονας εἰς τὰς τρεῖς μεγάλας ὁμάδας χωρῶν. Ἰδοὺ οἱ ἀριθμοί, ὅπως τοὺς δίδει ὁ Πουανιέ:

Ε. Ο. Κ.:	25.000
Η. Π. Α.:	80.000
Ε. Σ. Σ. Δ.:	130.000

Μὲ ἄλλας λέξεις, τὸ ποσοστὸν τῶν πτυχιούχων θετικῶν καὶ τεχνικῶν ἐπιστημῶν εἶναι εἰς τὰς Ἡνωμένας Πολιτείας τριπλάσιον ἐκείνου τῆς Κοινῆς Ἀγορᾶς, ἐνῶ ἡ Σοβιετικὴ Ἕνωσις ὑπερέχει ἀκόμη περισσότερον.

Καὶ ἐδῶ τίθεται τὸ πρόβλημα τῆς «διαρροῆς ἐγκεφάλων», τῆς μεταναστεύσεως δηλαδὴ τῶν Εὐρωπαίων ἐπιστημόνων πρὸς τὰς Ἡνωμένας Πολιτείας, ὅπου προσφέρονται καλύτεραι συνθῆκαι ἐργασίας καὶ ἀμοιβῆς.

Αἱ δαπάναι διὰ τὴν ἔρευναν καὶ τὴν ἀνάπτυξιν ἀνέρχονται εἰς τὰς Ἡνωμένας Πολιτείας εἰς τὸ 3,4% τοῦ ἐθνικοῦ προϊόντος, ἐνῶ εἰς τὰς χώρας τῆς Εὐρώπης κυμαίνονται μεταξὺ 1% καὶ 2,3%.

Μὲ ἄλλας λέξεις, τὸ ποσοστὸν τῶν πτυχιούχων θετικῶν καὶ τεχνικῶν ἐπιστημῶν εἶναι εἰς τὰς Ἡνωμένας Πολιτείας τριπλάσιον ἐκείνου τῆς Κοινῆς Ἀγορᾶς, ἐνῶ ἡ Σοβιετικὴ Ἕνωσις ὑπερέχει ἀκόμη περισσότερον.

Καὶ ἐδῶ τίθεται τὸ πρόβλημα τῆς «διαρροῆς ἐγκεφάλων», τῆς μεταναστεύσεως δηλαδὴ τῶν Εὐρωπαίων ἐπιστημόνων πρὸς τὰς Ἡνωμένας Πολιτείας, ὅπου προσφέρονται καλύτεραι συνθῆκαι ἐργασίας καὶ ἀμοιβῆς.

Οἱ ἀριθμοὶ τῆς παραγωγῆς ὁμιλοῦν μόνοι των. Ἡ Κοινὴ Ἀγορὰ ὑστερεῖ εἰς τοὺς κλάδους τῆς ἠλεκτρονικῆς, τῆς διαστημικῆς τεχνολογίας καὶ τῆς πυρηνικῆς ἐνεργείας.
